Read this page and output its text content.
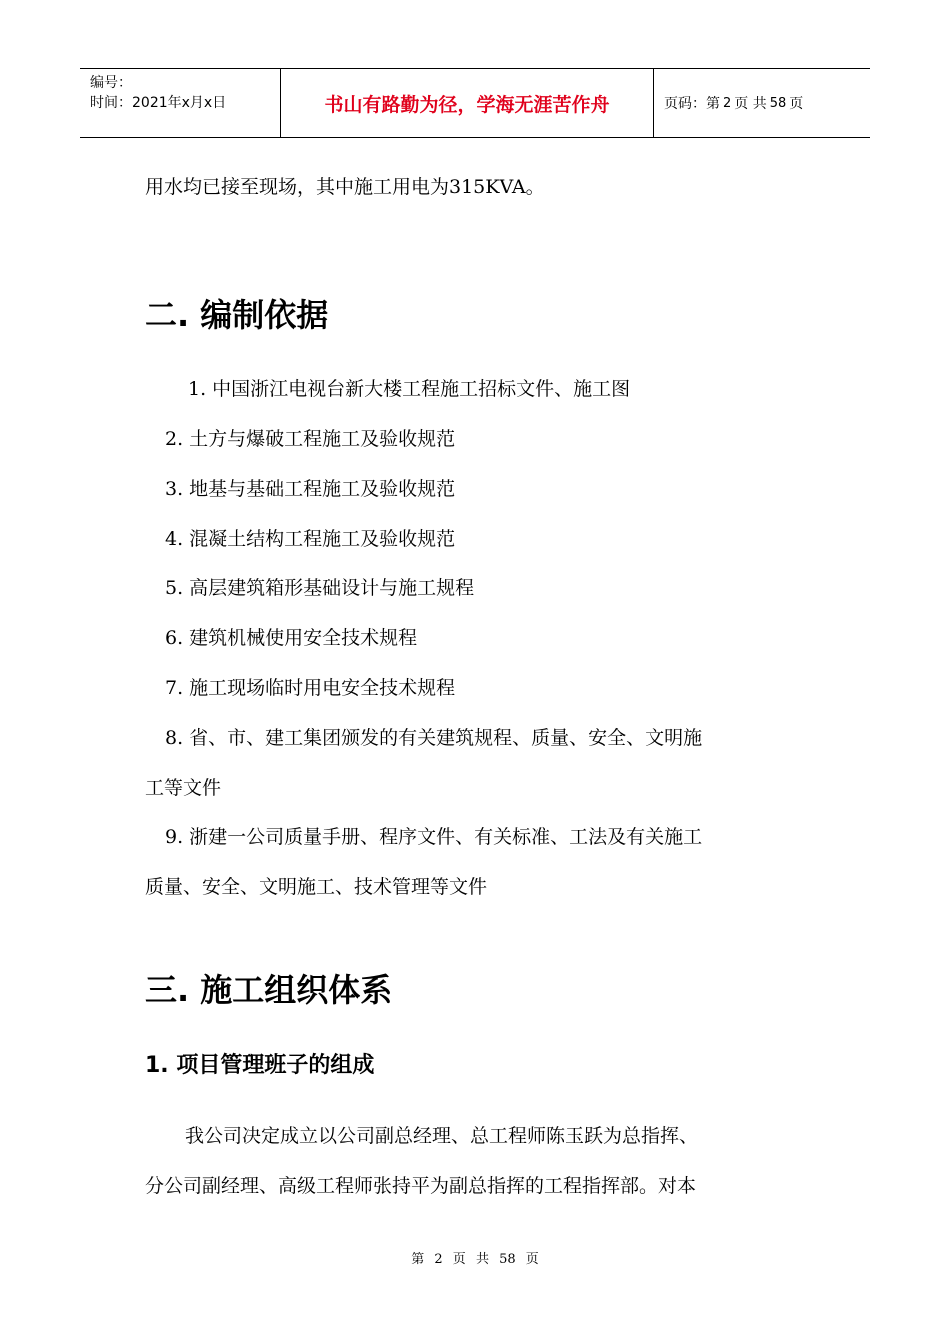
编号：
时间：2021年x月x日	书山有路勤为径，学海无涯苦作舟	页码：第 2 页 共 58 页
用水均已接至现场，其中施工用电为315KVA。
二. 编制依据
1. 中国浙江电视台新大楼工程施工招标文件、施工图
2. 土方与爆破工程施工及验收规范
3. 地基与基础工程施工及验收规范
4. 混凝土结构工程施工及验收规范
5. 高层建筑箱形基础设计与施工规程
6. 建筑机械使用安全技术规程
7. 施工现场临时用电安全技术规程
8. 省、市、建工集团颁发的有关建筑规程、质量、安全、文明施
工等文件
9. 浙建一公司质量手册、程序文件、有关标准、工法及有关施工
质量、安全、文明施工、技术管理等文件
三. 施工组织体系
1. 项目管理班子的组成
我公司决定成立以公司副总经理、总工程师陈玉跃为总指挥、
分公司副经理、高级工程师张持平为副总指挥的工程指挥部。对本
第 2 页 共 58 页
